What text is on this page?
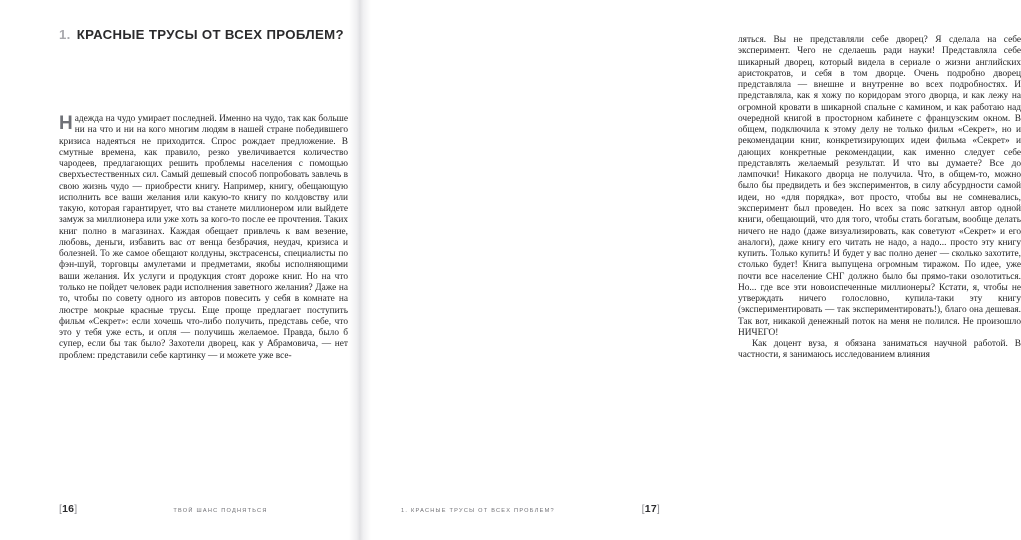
1. КРАСНЫЕ ТРУСЫ ОТ ВСЕХ ПРОБЛЕМ?

Надежда на чудо умирает последней. Именно на чудо, так как больше ни на что и ни на кого многим людям в нашей стране победившего кризиса надеяться не приходится. Спрос рождает предложение. В смутные времена, как правило, резко увеличивается количество чародеев, предлагающих решить проблемы населения с помощью сверхъестественных сил. Самый дешевый способ попробовать завлечь в свою жизнь чудо — приобрести книгу. Например, книгу, обещающую исполнить все ваши желания или какую-то книгу по колдовству или такую, которая гарантирует, что вы станете миллионером или выйдете замуж за миллионера или уже хоть за кого-то после ее прочтения. Таких книг полно в магазинах. Каждая обещает привлечь к вам везение, любовь, деньги, избавить вас от венца безбрачия, неудач, кризиса и болезней. То же самое обещают колдуны, экстрасенсы, специалисты по фэн-шуй, торговцы амулетами и предметами, якобы исполняющими ваши желания. Их услуги и продукция стоят дороже книг. Но на что только не пойдет человек ради исполнения заветного желания? Даже на то, чтобы по совету одного из авторов повесить у себя в комнате на люстре мокрые красные трусы. Еще проще предлагает поступить фильм «Секрет»: если хочешь что-либо получить, представь себе, что это у тебя уже есть, и опля — получишь желаемое. Правда, было б супер, если бы так было? Захотели дворец, как у Абрамовича, — нет проблем: представили себе картинку — и можете уже все-

[16]	ТВОЙ ШАНС ПОДНЯТЬСЯ

ляться. Вы не представляли себе дворец? Я сделала на себе эксперимент. Чего не сделаешь ради науки! Представляла себе шикарный дворец, который видела в сериале о жизни английских аристократов, и себя в том дворце. Очень подробно дворец представляла — внешне и внутренне во всех подробностях. И представляла, как я хожу по коридорам этого дворца, и как лежу на огромной кровати в шикарной спальне с камином, и как работаю над очередной книгой в просторном кабинете с французским окном. В общем, подключила к этому делу не только фильм «Секрет», но и рекомендации книг, конкретизирующих идеи фильма «Секрет» и дающих конкретные рекомендации, как именно следует себе представлять желаемый результат. И что вы думаете? Все до лампочки! Никакого дворца не получила. Что, в общем-то, можно было бы предвидеть и без экспериментов, в силу абсурдности самой идеи, но «для порядка», вот просто, чтобы вы не сомневались, эксперимент был проведен. Но всех за пояс заткнул автор одной книги, обещающий, что для того, чтобы стать богатым, вообще делать ничего не надо (даже визуализировать, как советуют «Секрет» и его аналоги), даже книгу его читать не надо, а надо... просто эту книгу купить. Только купить! И будет у вас полно денег — сколько захотите, столько будет! Книга выпущена огромным тиражом. По идее, уже почти все население СНГ должно было бы прямо-таки озолотиться. Но... где все эти новоиспеченные миллионеры? Кстати, я, чтобы не утверждать ничего голословно, купила-таки эту книгу (экспериментировать — так экспериментировать!), благо она дешевая. Так вот, никакой денежный поток на меня не полился. Не произошло НИЧЕГО!

Как доцент вуза, я обязана заниматься научной работой. В частности, я занимаюсь исследованием влияния

1. КРАСНЫЕ ТРУСЫ ОТ ВСЕХ ПРОБЛЕМ?	[17]
